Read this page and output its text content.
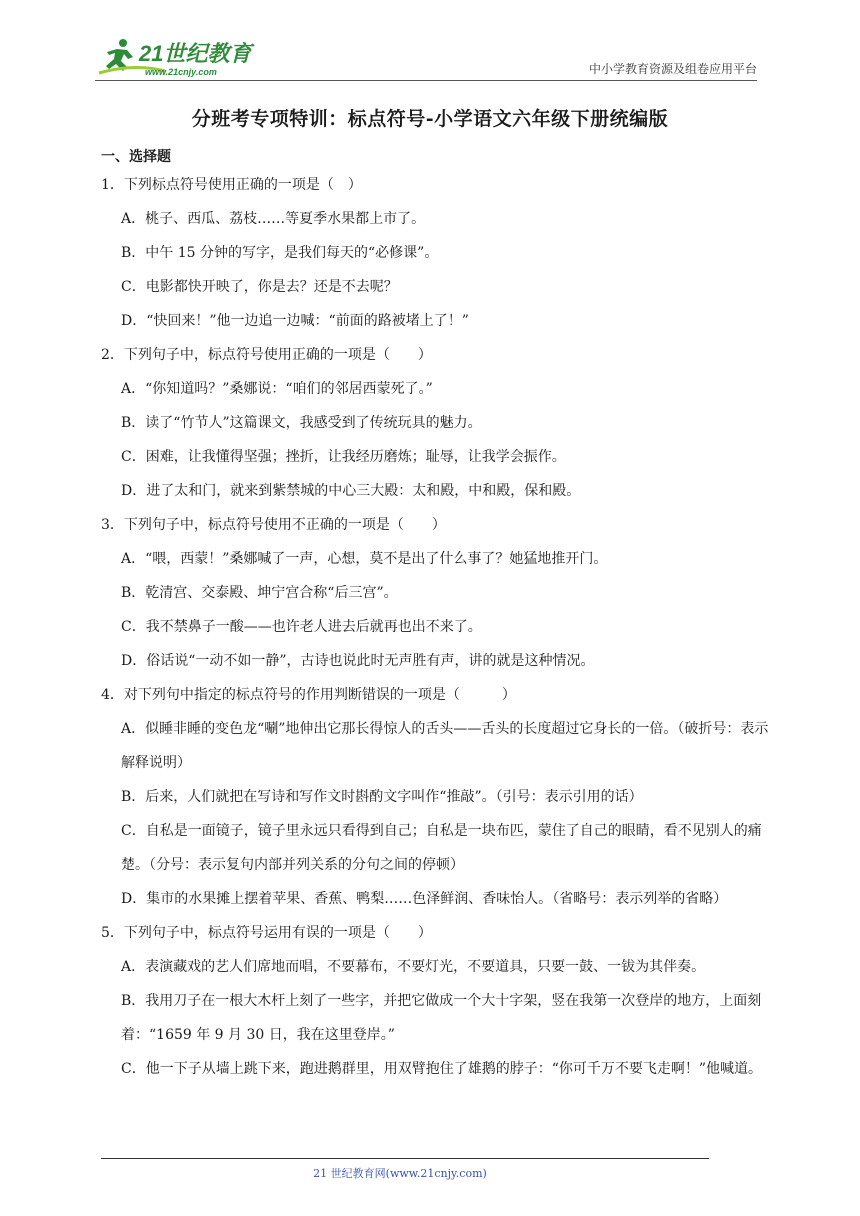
21世纪教育
www.21cnjy.com	中小学教育资源及组卷应用平台
分班考专项特训：标点符号-小学语文六年级下册统编版
一、选择题

1．下列标点符号使用正确的一项是（　）

A．桃子、西瓜、荔枝……等夏季水果都上市了。

B．中午 15 分钟的写字，是我们每天的“必修课”。

C．电影都快开映了，你是去？还是不去呢？

D．“快回来！”他一边追一边喊：“前面的路被堵上了！”

2．下列句子中，标点符号使用正确的一项是（　　）

A．“你知道吗？”桑娜说：“咱们的邻居西蒙死了。”

B．读了“竹节人”这篇课文，我感受到了传统玩具的魅力。

C．困难，让我懂得坚强；挫折，让我经历磨炼；耻辱，让我学会振作。

D．进了太和门，就来到紫禁城的中心三大殿：太和殿，中和殿，保和殿。

3．下列句子中，标点符号使用不正确的一项是（　　）

A．“喂，西蒙！”桑娜喊了一声，心想，莫不是出了什么事了？她猛地推开门。

B．乾清宫、交泰殿、坤宁宫合称“后三宫”。

C．我不禁鼻子一酸——也许老人进去后就再也出不来了。

D．俗话说“一动不如一静”，古诗也说此时无声胜有声，讲的就是这种情况。

4．对下列句中指定的标点符号的作用判断错误的一项是（　　　）

A．似睡非睡的变色龙“唰”地伸出它那长得惊人的舌头——舌头的长度超过它身长的一倍。（破折号：表示解释说明）

B．后来，人们就把在写诗和写作文时斟酌文字叫作“推敲”。（引号：表示引用的话）

C．自私是一面镜子，镜子里永远只看得到自己；自私是一块布匹，蒙住了自己的眼睛，看不见别人的痛楚。（分号：表示复句内部并列关系的分句之间的停顿）

D．集市的水果摊上摆着苹果、香蕉、鸭梨……色泽鲜润、香味怡人。（省略号：表示列举的省略）

5．下列句子中，标点符号运用有误的一项是（　　）

A．表演藏戏的艺人们席地而唱，不要幕布，不要灯光，不要道具，只要一鼓、一钹为其伴奏。

B．我用刀子在一根大木杆上刻了一些字，并把它做成一个大十字架，竖在我第一次登岸的地方，上面刻着：“1659 年 9 月 30 日，我在这里登岸。”

C．他一下子从墙上跳下来，跑进鹅群里，用双臂抱住了雄鹅的脖子：“你可千万不要飞走啊！”他喊道。

21 世纪教育网(www.21cnjy.com)
